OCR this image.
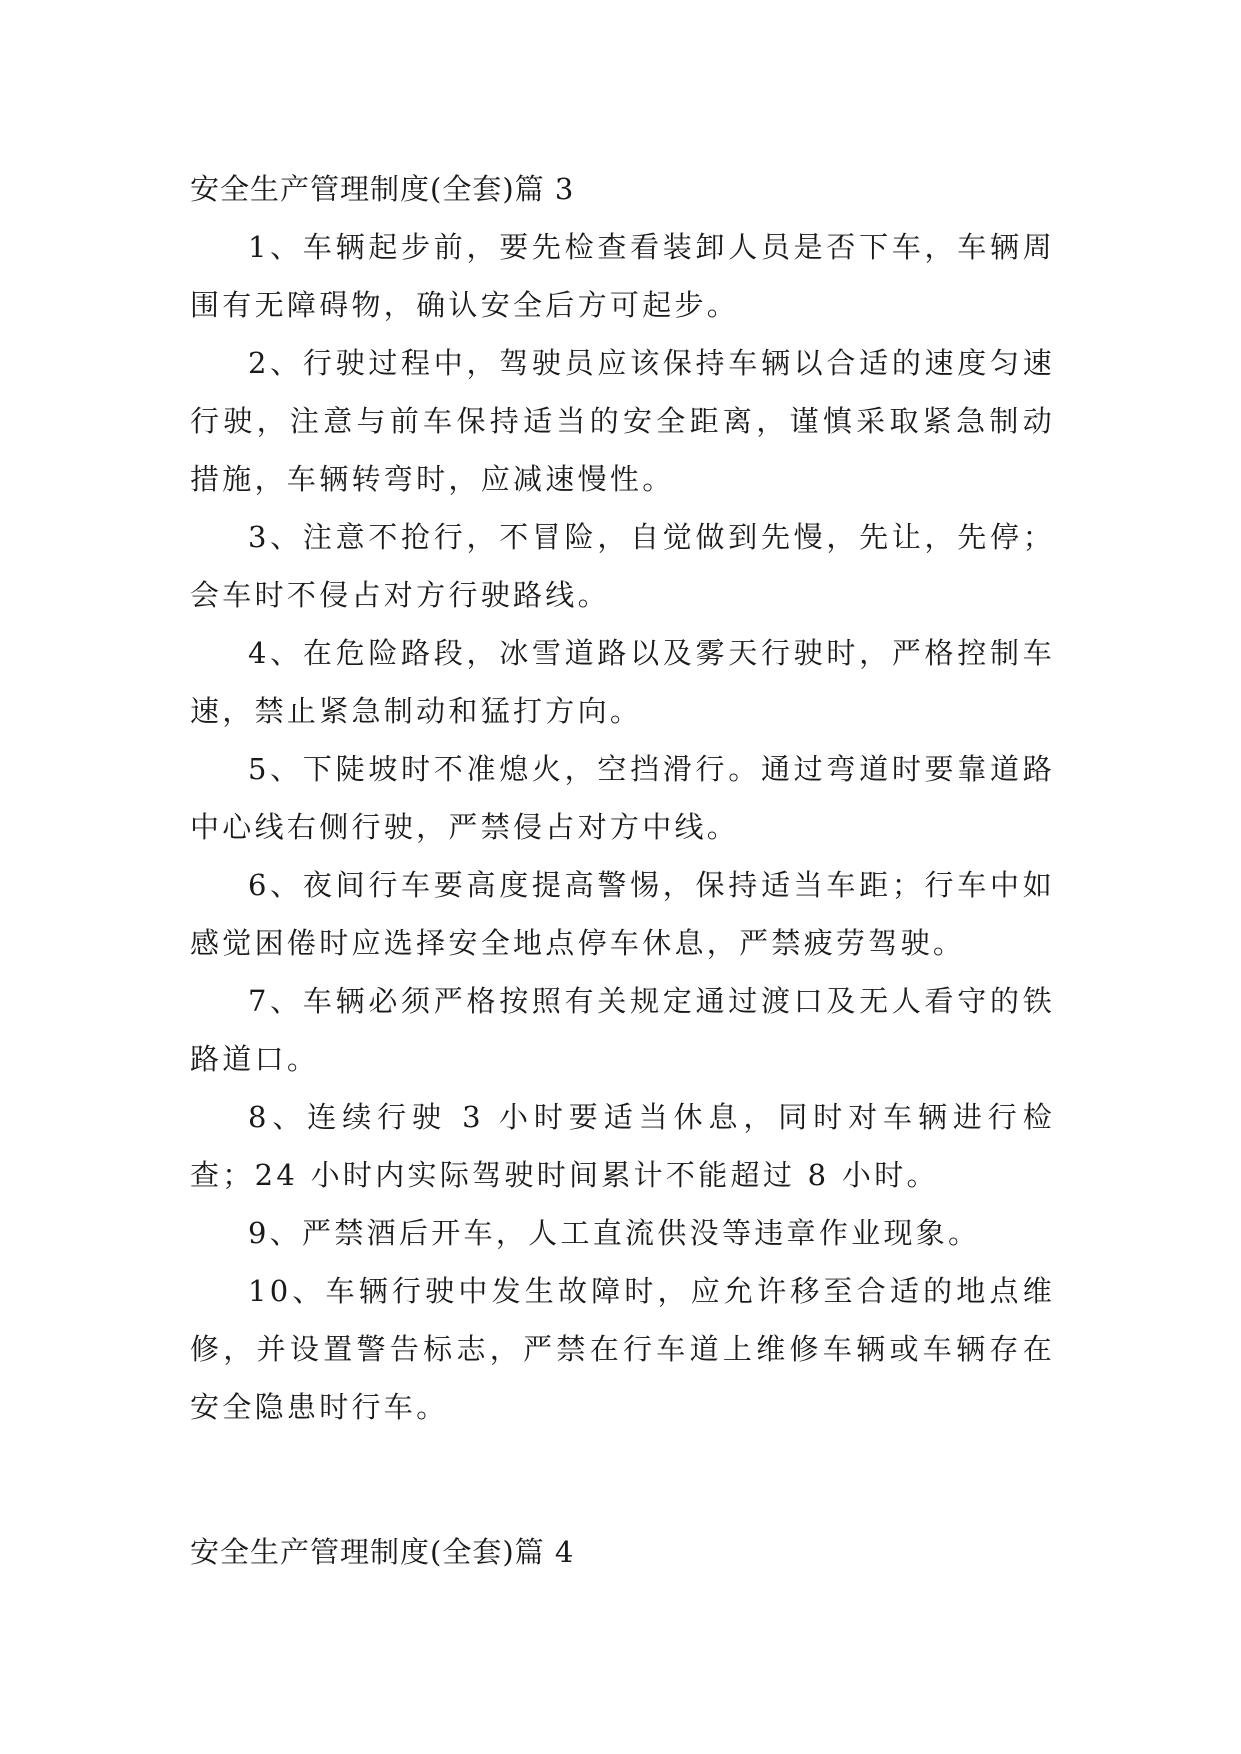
安全生产管理制度(全套)篇 3

1、车辆起步前，要先检查看装卸人员是否下车，车辆周围有无障碍物，确认安全后方可起步。

2、行驶过程中，驾驶员应该保持车辆以合适的速度匀速行驶，注意与前车保持适当的安全距离，谨慎采取紧急制动措施，车辆转弯时，应减速慢性。

3、注意不抢行，不冒险，自觉做到先慢，先让，先停；会车时不侵占对方行驶路线。

4、在危险路段，冰雪道路以及雾天行驶时，严格控制车速，禁止紧急制动和猛打方向。

5、下陡坡时不准熄火，空挡滑行。通过弯道时要靠道路中心线右侧行驶，严禁侵占对方中线。

6、夜间行车要高度提高警惕，保持适当车距；行车中如感觉困倦时应选择安全地点停车休息，严禁疲劳驾驶。

7、车辆必须严格按照有关规定通过渡口及无人看守的铁路道口。

8、连续行驶 3 小时要适当休息，同时对车辆进行检查；24 小时内实际驾驶时间累计不能超过 8 小时。

9、严禁酒后开车，人工直流供没等违章作业现象。

10、车辆行驶中发生故障时，应允许移至合适的地点维修，并设置警告标志，严禁在行车道上维修车辆或车辆存在安全隐患时行车。

安全生产管理制度(全套)篇 4
